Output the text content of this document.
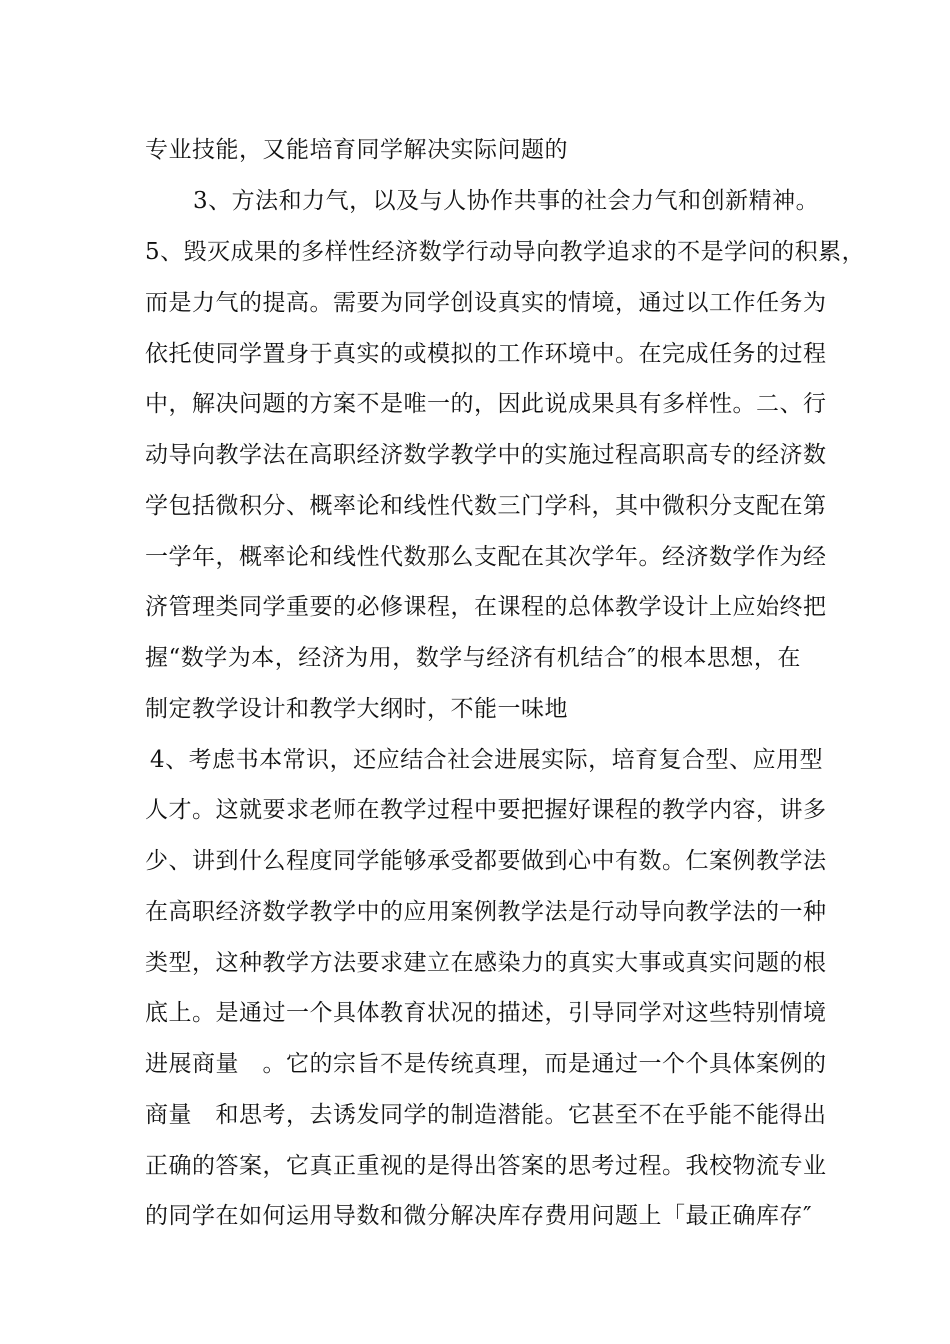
专业技能，又能培育同学解决实际问题的
3、方法和力气，以及与人协作共事的社会力气和创新精神。
5、毁灭成果的多样性经济数学行动导向教学追求的不是学问的积累，
而是力气的提高。需要为同学创设真实的情境，通过以工作任务为
依托使同学置身于真实的或模拟的工作环境中。在完成任务的过程
中，解决问题的方案不是唯一的，因此说成果具有多样性。二、行
动导向教学法在高职经济数学教学中的实施过程高职高专的经济数
学包括微积分、概率论和线性代数三门学科，其中微积分支配在第
一学年，概率论和线性代数那么支配在其次学年。经济数学作为经
济管理类同学重要的必修课程，在课程的总体教学设计上应始终把
握“数学为本，经济为用，数学与经济有机结合″的根本思想，在
制定教学设计和教学大纲时，不能一味地
4、考虑书本常识，还应结合社会进展实际，培育复合型、应用型
人才。这就要求老师在教学过程中要把握好课程的教学内容，讲多
少、讲到什么程度同学能够承受都要做到心中有数。仁案例教学法
在高职经济数学教学中的应用案例教学法是行动导向教学法的一种
类型，这种教学方法要求建立在感染力的真实大事或真实问题的根
底上。是通过一个具体教育状况的描述，引导同学对这些特别情境
进展商量　。它的宗旨不是传统真理，而是通过一个个具体案例的
商量　和思考，去诱发同学的制造潜能。它甚至不在乎能不能得出
正确的答案，它真正重视的是得出答案的思考过程。我校物流专业
的同学在如何运用导数和微分解决库存费用问题上「最正确库存″
